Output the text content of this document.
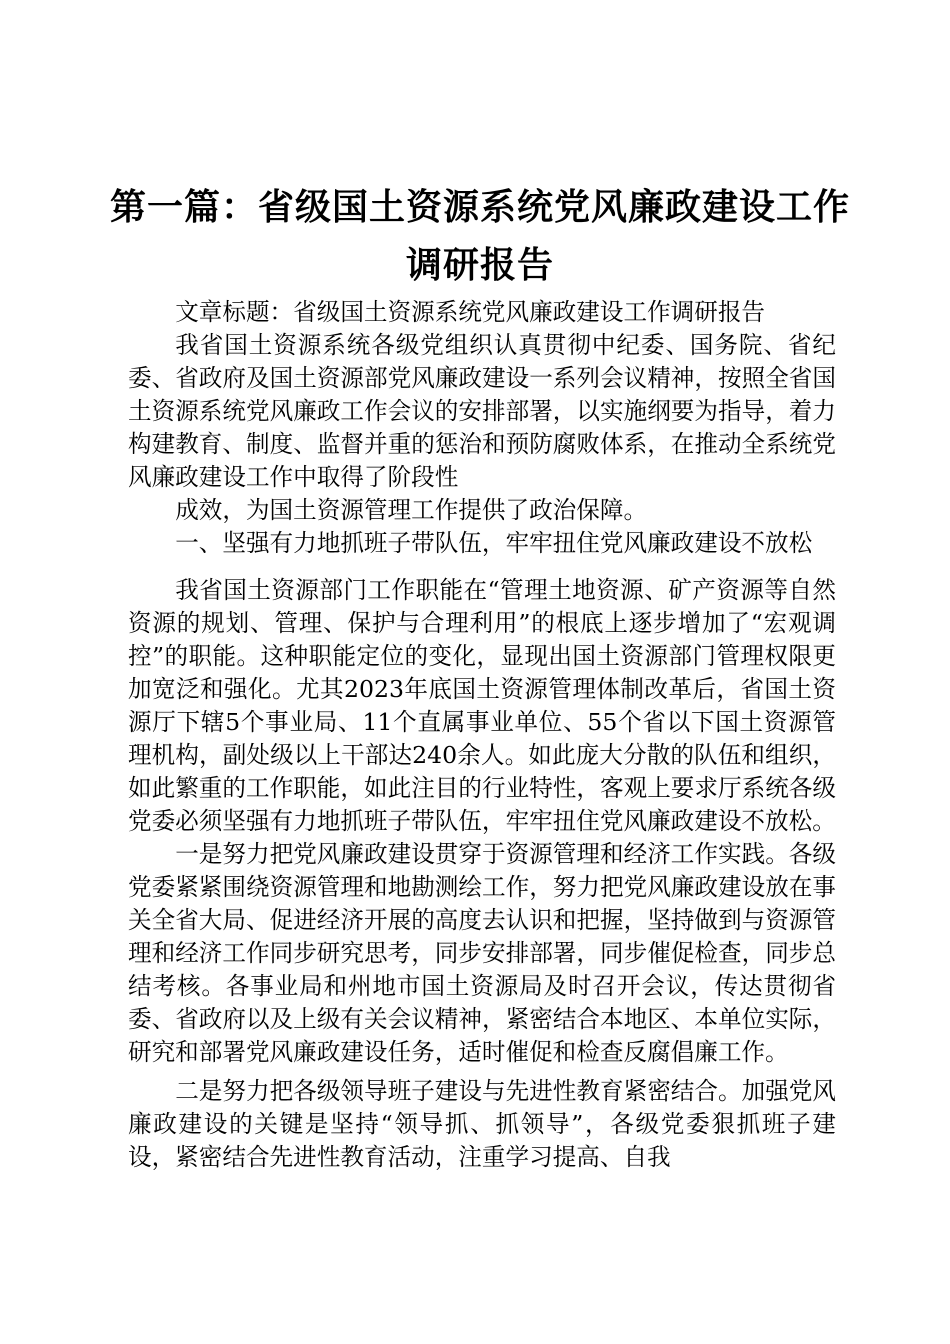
第一篇：省级国土资源系统党风廉政建设工作
调研报告

文章标题：省级国土资源系统党风廉政建设工作调研报告

我省国土资源系统各级党组织认真贯彻中纪委、国务院、省纪委、省政府及国土资源部党风廉政建设一系列会议精神，按照全省国土资源系统党风廉政工作会议的安排部署，以实施纲要为指导，着力构建教育、制度、监督并重的惩治和预防腐败体系，在推动全系统党风廉政建设工作中取得了阶段性

成效，为国土资源管理工作提供了政治保障。

一、坚强有力地抓班子带队伍，牢牢扭住党风廉政建设不放松

我省国土资源部门工作职能在“管理土地资源、矿产资源等自然资源的规划、管理、保护与合理利用”的根底上逐步增加了“宏观调控”的职能。这种职能定位的变化，显现出国土资源部门管理权限更加宽泛和强化。尤其2023年底国土资源管理体制改革后，省国土资源厅下辖5个事业局、11个直属事业单位、55个省以下国土资源管理机构，副处级以上干部达240余人。如此庞大分散的队伍和组织，如此繁重的工作职能，如此注目的行业特性，客观上要求厅系统各级党委必须坚强有力地抓班子带队伍，牢牢扭住党风廉政建设不放松。

一是努力把党风廉政建设贯穿于资源管理和经济工作实践。各级党委紧紧围绕资源管理和地勘测绘工作，努力把党风廉政建设放在事关全省大局、促进经济开展的高度去认识和把握，坚持做到与资源管理和经济工作同步研究思考，同步安排部署，同步催促检查，同步总结考核。各事业局和州地市国土资源局及时召开会议，传达贯彻省委、省政府以及上级有关会议精神，紧密结合本地区、本单位实际，研究和部署党风廉政建设任务，适时催促和检查反腐倡廉工作。

二是努力把各级领导班子建设与先进性教育紧密结合。加强党风廉政建设的关键是坚持“领导抓、抓领导”，各级党委狠抓班子建设，紧密结合先进性教育活动，注重学习提高、自我
